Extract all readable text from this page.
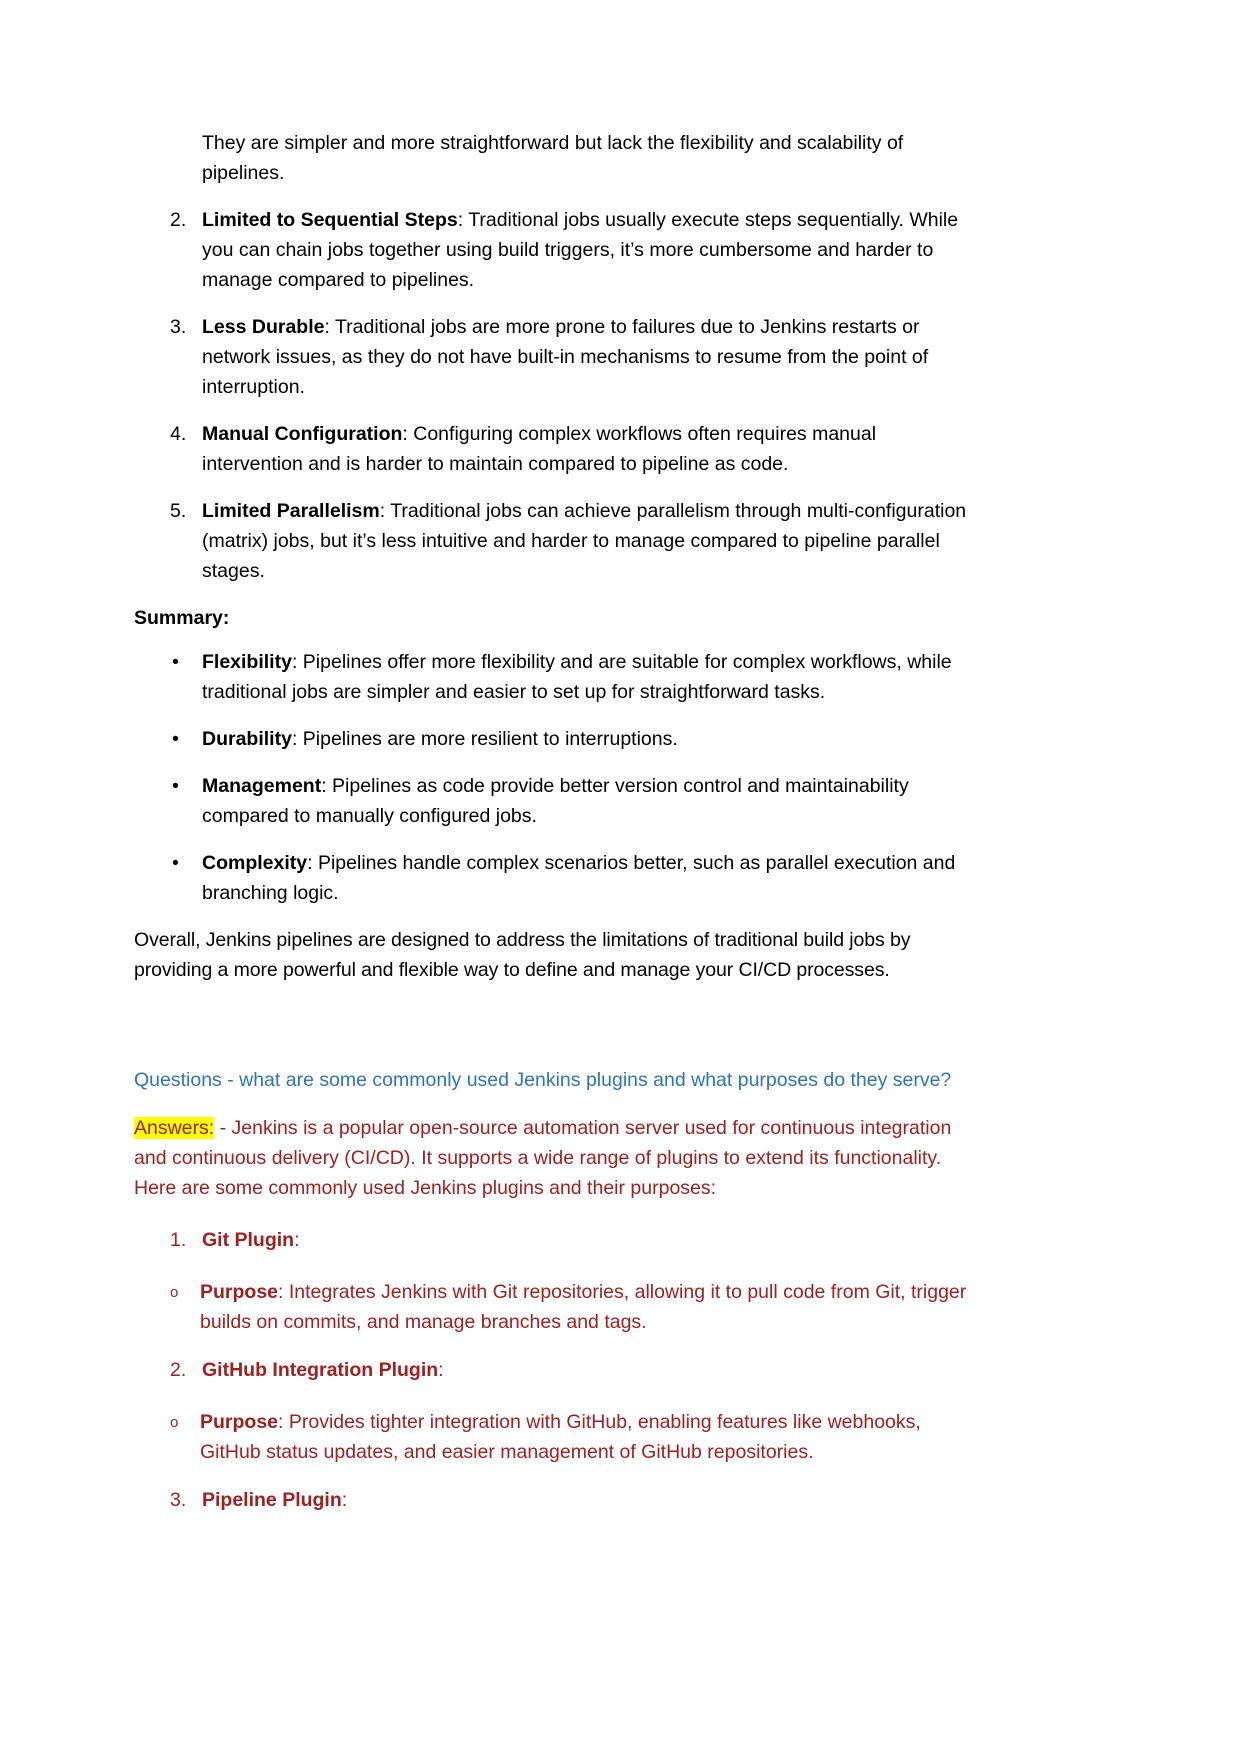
They are simpler and more straightforward but lack the flexibility and scalability of pipelines.

2. Limited to Sequential Steps: Traditional jobs usually execute steps sequentially. While you can chain jobs together using build triggers, it’s more cumbersome and harder to manage compared to pipelines.
3. Less Durable: Traditional jobs are more prone to failures due to Jenkins restarts or network issues, as they do not have built-in mechanisms to resume from the point of interruption.
4. Manual Configuration: Configuring complex workflows often requires manual intervention and is harder to maintain compared to pipeline as code.
5. Limited Parallelism: Traditional jobs can achieve parallelism through multi-configuration (matrix) jobs, but it’s less intuitive and harder to manage compared to pipeline parallel stages.

Summary:

• Flexibility: Pipelines offer more flexibility and are suitable for complex workflows, while traditional jobs are simpler and easier to set up for straightforward tasks.
• Durability: Pipelines are more resilient to interruptions.
• Management: Pipelines as code provide better version control and maintainability compared to manually configured jobs.
• Complexity: Pipelines handle complex scenarios better, such as parallel execution and branching logic.

Overall, Jenkins pipelines are designed to address the limitations of traditional build jobs by providing a more powerful and flexible way to define and manage your CI/CD processes.

Questions - what are some commonly used Jenkins plugins and what purposes do they serve?

Answers: - Jenkins is a popular open-source automation server used for continuous integration and continuous delivery (CI/CD). It supports a wide range of plugins to extend its functionality. Here are some commonly used Jenkins plugins and their purposes:

1. Git Plugin:
o Purpose: Integrates Jenkins with Git repositories, allowing it to pull code from Git, trigger builds on commits, and manage branches and tags.
2. GitHub Integration Plugin:
o Purpose: Provides tighter integration with GitHub, enabling features like webhooks, GitHub status updates, and easier management of GitHub repositories.
3. Pipeline Plugin:
